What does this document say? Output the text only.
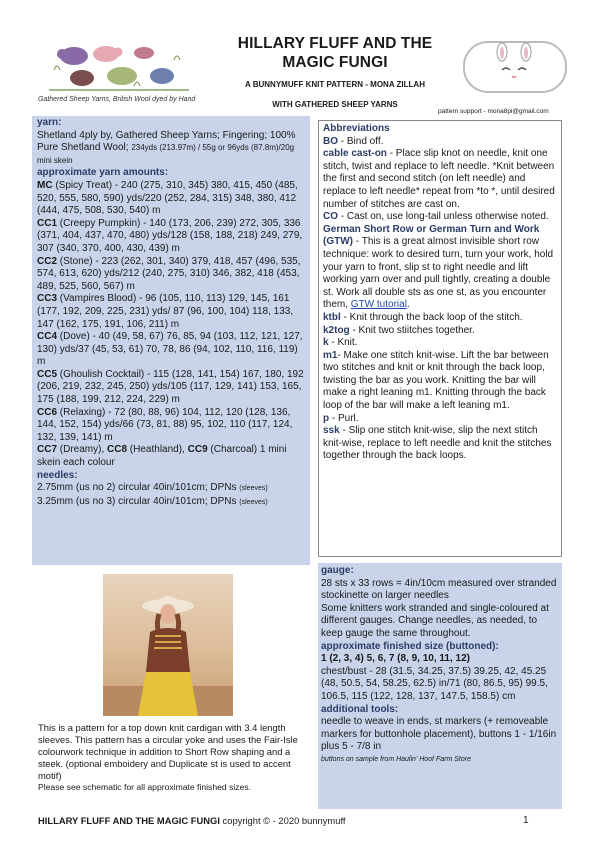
Gathered Sheep Yarns, British Wool dyed by Hand
HILLARY FLUFF AND THE
MAGIC FUNGI
A BUNNYMUFF KNIT PATTERN - MONA ZILLAH
WITH GATHERED SHEEP YARNS
pattern support - mona8pi@gmail.com

yarn:

Shetland 4ply by, Gathered Sheep Yarns; Fingering; 100% Pure Shetland Wool; 234yds (213.97m) / 55g or 96yds (87.8m)/20g mini skein

approximate yarn amounts:

MC (Spicy Treat) - 240 (275, 310, 345) 380, 415, 450 (485, 520, 555, 580, 590) yds/220 (252, 284, 315) 348, 380, 412 (444, 475, 508, 530, 540) m

CC1 (Creepy Pumpkin) - 140 (173, 206, 239) 272, 305, 336 (371, 404, 437, 470, 480) yds/128 (158, 188, 218) 249, 279, 307 (340, 370, 400, 430, 439) m

CC2 (Stone) - 223 (262, 301, 340) 379, 418, 457 (496, 535, 574, 613, 620) yds/212 (240, 275, 310) 346, 382, 418 (453, 489, 525, 560, 567) m

CC3 (Vampires Blood) - 96 (105, 110, 113) 129, 145, 161 (177, 192, 209, 225, 231) yds/ 87 (96, 100, 104) 118, 133, 147 (162, 175, 191, 106, 211) m

CC4 (Dove) - 40 (49, 58, 67) 76, 85, 94 (103, 112, 121, 127, 130) yds/37 (45, 53, 61) 70, 78, 86 (94, 102, 110, 116, 119) m

CC5 (Ghoulish Cocktail) - 115 (128, 141, 154) 167, 180, 192 (206, 219, 232, 245, 250) yds/105 (117, 129, 141) 153, 165, 175 (188, 199, 212, 224, 229) m

CC6 (Relaxing) - 72 (80, 88, 96) 104, 112, 120 (128, 136, 144, 152, 154) yds/66 (73, 81, 88) 95, 102, 110 (117, 124, 132, 139, 141) m

CC7 (Dreamy), CC8 (Heathland), CC9 (Charcoal) 1 mini skein each colour

needles:

2.75mm (us no 2) circular 40in/101cm; DPNs (sleeves)

3.25mm (us no 3) circular 40in/101cm; DPNs (sleeves)

Abbreviations

BO - Bind off.

cable cast-on - Place slip knot on needle, knit one stitch, twist and replace to left needle. *Knit between the first and second stitch (on left needle) and replace to left needle* repeat from *to *, until desired number of stitches are cast on.

CO - Cast on, use long-tail unless otherwise noted.

German Short Row or German Turn and Work (GTW) - This is a great almost invisible short row technique: work to desired turn, turn your work, hold your yarn to front, slip st to right needle and lift working yarn over and pull tightly, creating a double st. Work all double sts as one st, as you encounter them, GTW tutorial.

ktbl - Knit through the back loop of the stitch.

k2tog - Knit two stiitches together.

k - Knit.

m1- Make one stitch knit-wise. Lift the bar between two stitches and knit or knit through the back loop, twisting the bar as you work. Knitting the bar will make a right leaning m1. Knitting through the back loop of the bar will make a left leaning m1.

p - Purl.

ssk - Slip one stitch knit-wise, slip the next stitch knit-wise, replace to left needle and knit the stitches together through the back loops.

This is a pattern for a top down knit cardigan with 3.4 length sleeves. This pattern has a circular yoke and uses the Fair-Isle colourwork technique in addition to Short Row shaping and a steek. (optional emboidery and Duplicate st is used to accent motif)

Please see schematic for all approximate finished sizes.

gauge:

28 sts x 33 rows = 4in/10cm measured over stranded stockinette on larger needles

Some knitters work stranded and single-coloured at different gauges. Change needles, as needed, to keep gauge the same throughout.

approximate finished size (buttoned):

1 (2, 3, 4) 5, 6, 7 (8, 9, 10, 11, 12)

chest/bust - 28 (31.5, 34.25, 37.5) 39.25, 42, 45.25 (48, 50.5, 54, 58.25, 62.5) in/71 (80, 86.5, 95) 99.5, 106.5, 115 (122, 128, 137, 147.5, 158.5) cm

additional tools:

needle to weave in ends, st markers (+ removeable markers for buttonhole placement), buttons 1 - 1/16in plus 5 - 7/8 in

buttons on sample from Haulin' Hoof Farm Store

HILLARY FLUFF AND THE MAGIC FUNGI copyright © - 2020 bunnymuff	1
